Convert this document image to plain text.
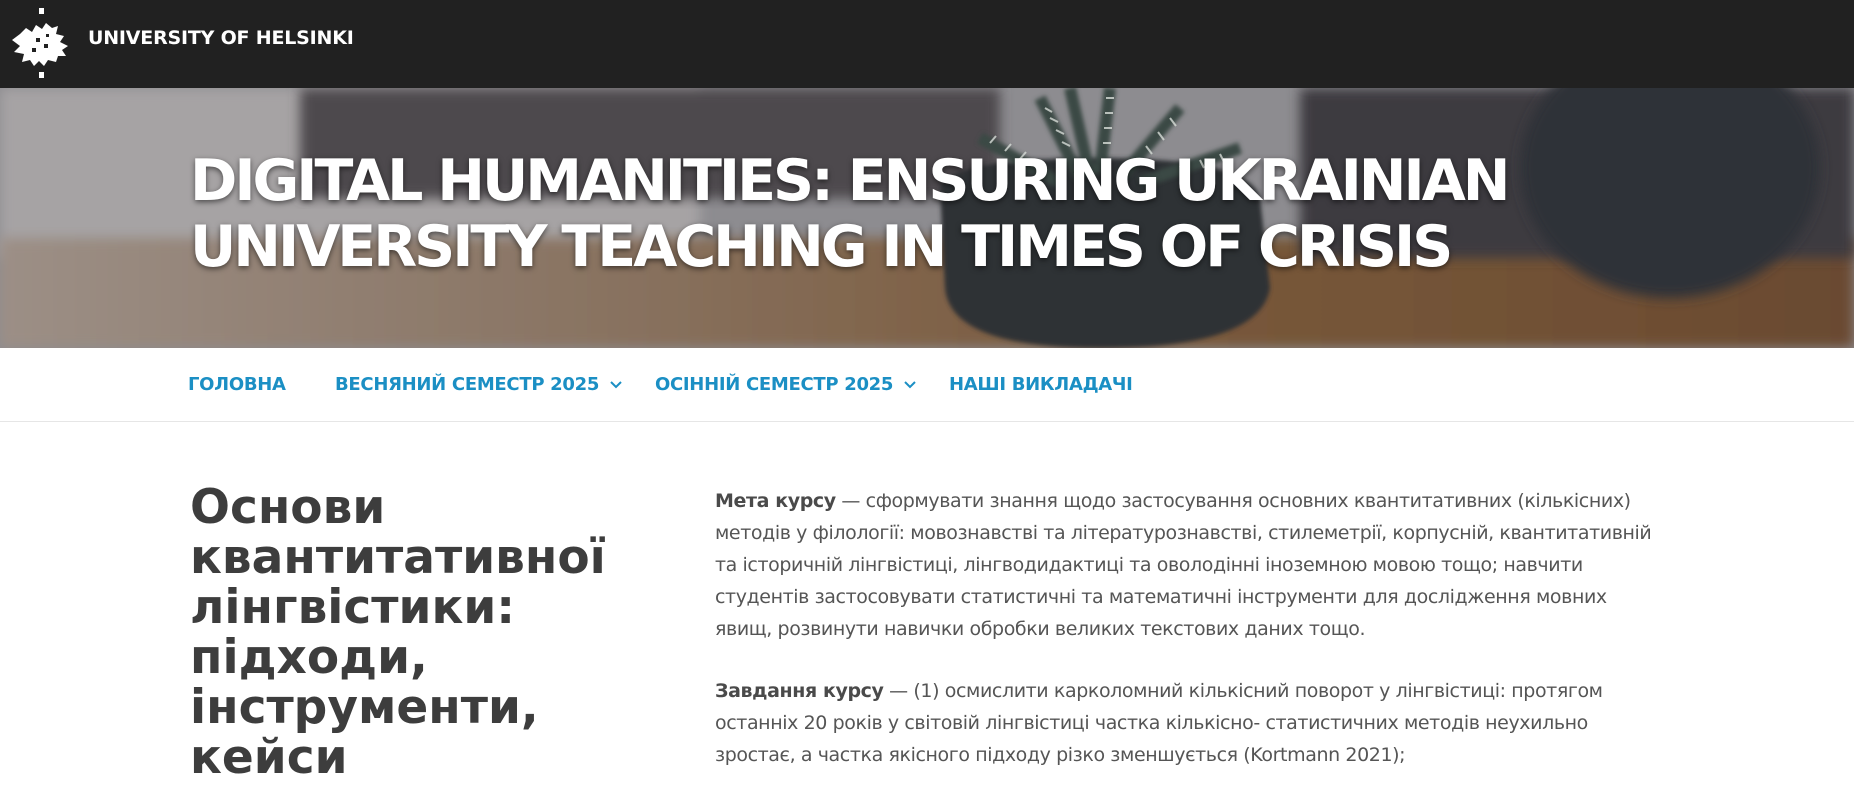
UNIVERSITY OF HELSINKI
DIGITAL HUMANITIES: ENSURING UKRAINIAN UNIVERSITY TEACHING IN TIMES OF CRISIS
ГОЛОВНА	ВЕСНЯНИЙ СЕМЕСТР 2025	ОСІННІЙ СЕМЕСТР 2025	НАШІ ВИКЛАДАЧІ
Основи квантитативної лінгвістики: підходи, інструменти, кейси

Мета курсу — сформувати знання щодо застосування основних квантитативних (кількісних) методів у філології: мовознавстві та літературознавстві, стилеметрії, корпусній, квантитативній та історичній лінгвістиці, лінгводидактиці та оволодінні іноземною мовою тощо; навчити студентів застосовувати статистичні та математичні інструменти для дослідження мовних явищ, розвинути навички обробки великих текстових даних тощо.

Завдання курсу — (1) осмислити карколомний кількісний поворот у лінгвістиці: протягом останніх 20 років у світовій лінгвістиці частка кількісно- статистичних методів неухильно зростає, а частка якісного підходу різко зменшується (Kortmann 2021);
